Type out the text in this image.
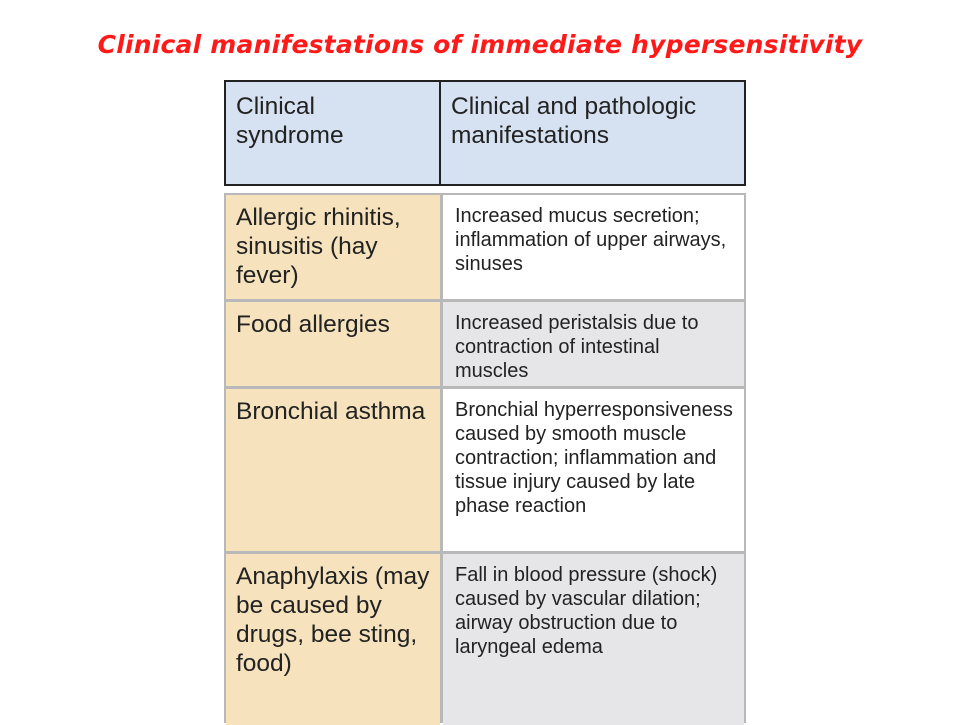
Clinical manifestations of immediate hypersensitivity
Clinical syndrome
Clinical and pathologic manifestations
Allergic rhinitis, sinusitis (hay fever)
Increased mucus secretion; inflammation of upper airways, sinuses
Food allergies	Increased peristalsis due to contraction of intestinal muscles
Bronchial asthma	Bronchial hyperresponsiveness caused by smooth muscle contraction; inflammation and tissue injury caused by late phase reaction
Anaphylaxis (may be caused by drugs, bee sting, food)
Fall in blood pressure (shock) caused by vascular dilation; airway obstruction due to laryngeal edema
